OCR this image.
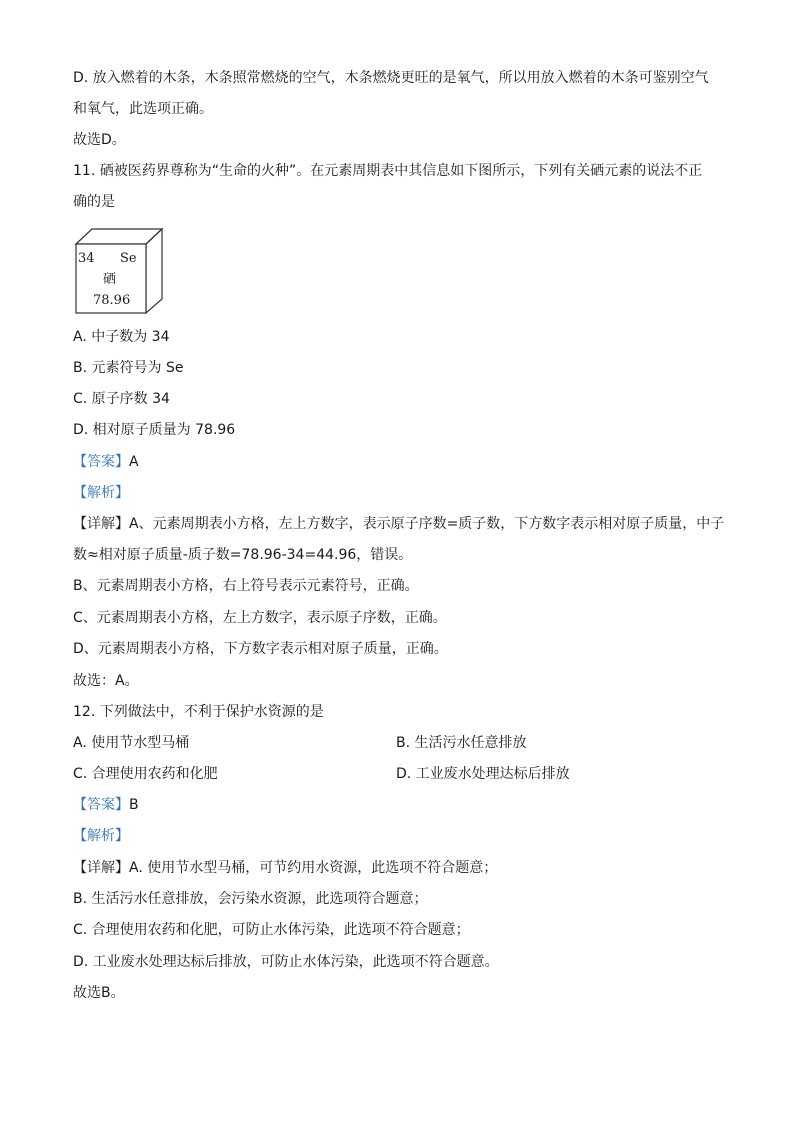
D. 放入燃着的木条，木条照常燃烧的空气，木条燃烧更旺的是氧气，所以用放入燃着的木条可鉴别空气
和氧气，此选项正确。
故选D。
11. 硒被医药界尊称为“生命的火种”。在元素周期表中其信息如下图所示，下列有关硒元素的说法不正
确的是
34 Se
硒
78.96
A. 中子数为 34
B. 元素符号为 Se
C. 原子序数 34
D. 相对原子质量为 78.96
【答案】A
【解析】
【详解】A、元素周期表小方格，左上方数字，表示原子序数=质子数，下方数字表示相对原子质量，中子
数≈相对原子质量-质子数=78.96-34=44.96，错误。
B、元素周期表小方格，右上符号表示元素符号，正确。
C、元素周期表小方格，左上方数字，表示原子序数，正确。
D、元素周期表小方格，下方数字表示相对原子质量，正确。
故选：A。
12. 下列做法中，不利于保护水资源的是
A. 使用节水型马桶	B. 生活污水任意排放
C. 合理使用农药和化肥	D. 工业废水处理达标后排放
【答案】B
【解析】
【详解】A. 使用节水型马桶，可节约用水资源，此选项不符合题意；
B. 生活污水任意排放，会污染水资源，此选项符合题意；
C. 合理使用农药和化肥，可防止水体污染，此选项不符合题意；
D. 工业废水处理达标后排放，可防止水体污染，此选项不符合题意。
故选B。
